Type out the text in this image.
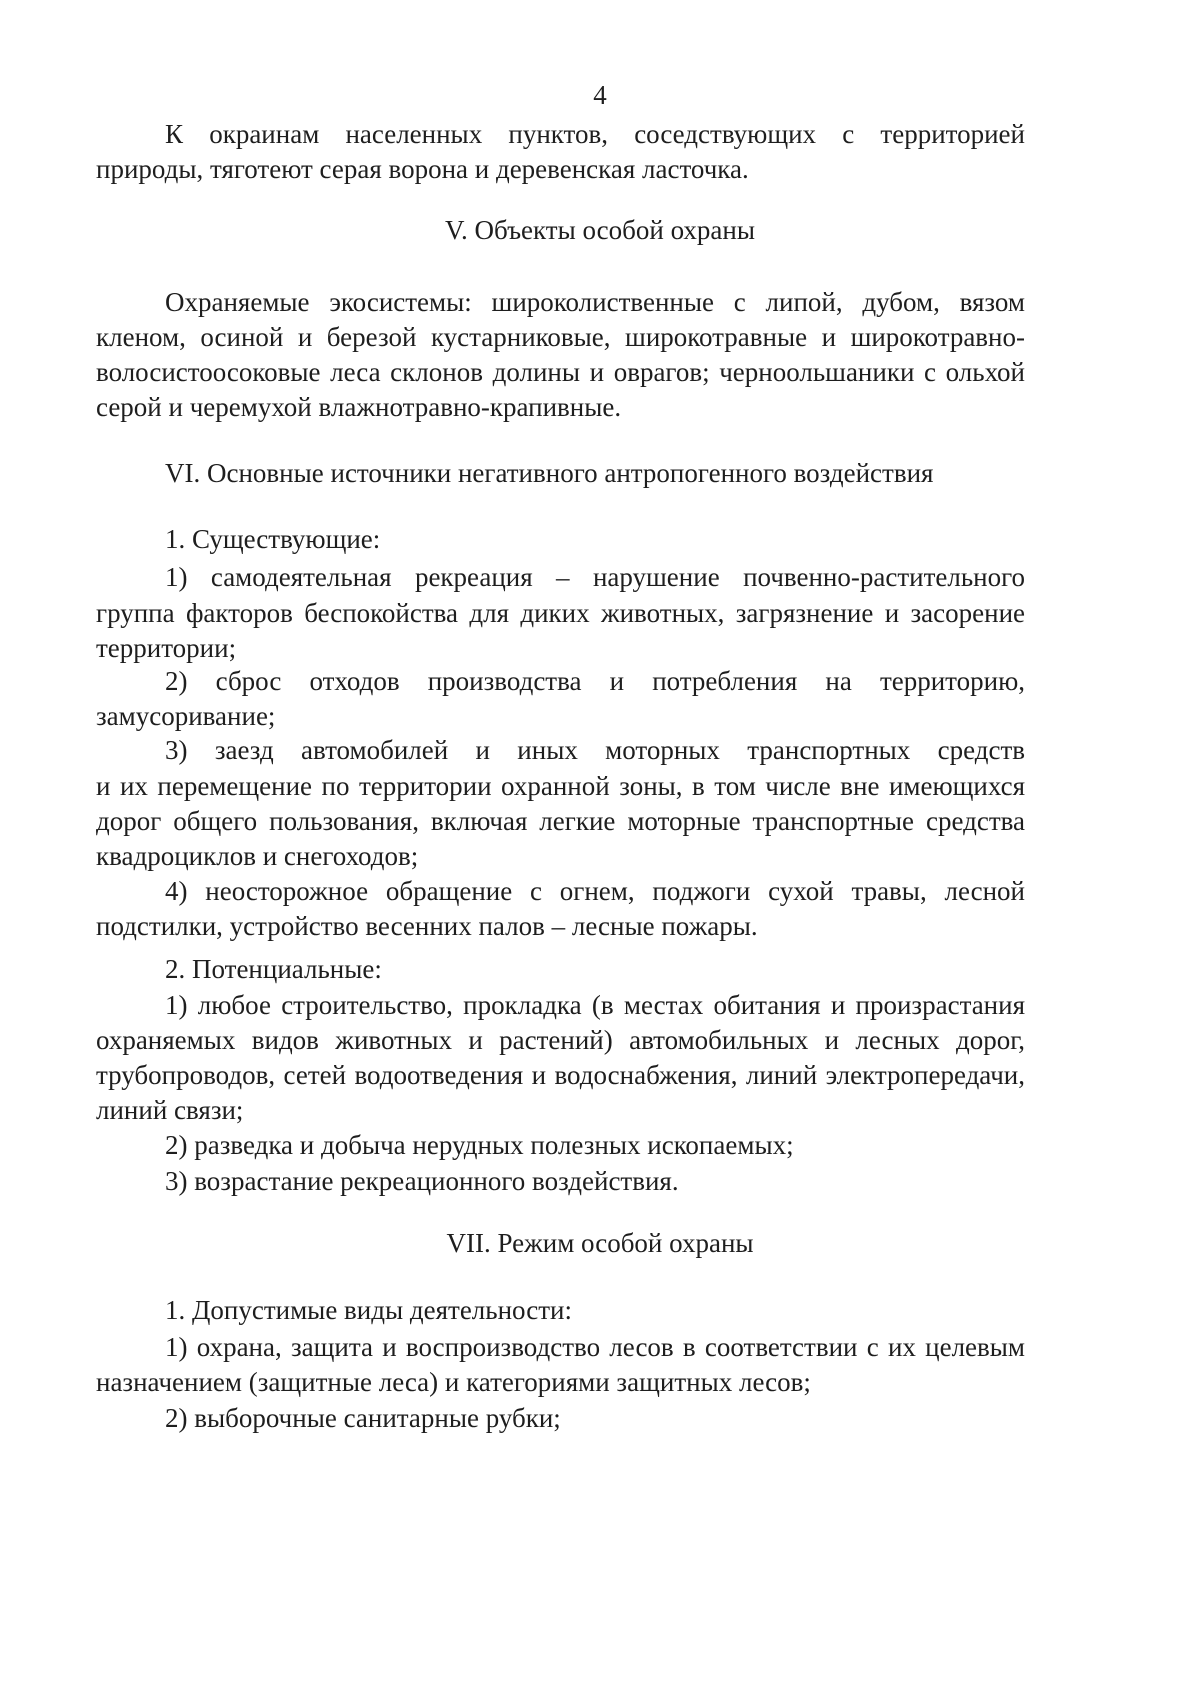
4
К окраинам населенных пунктов, соседствующих с территорией
природы, тяготеют серая ворона и деревенская ласточка.
V. Объекты особой охраны
Охраняемые экосистемы: широколиственные с липой, дубом, вязом
кленом, осиной и березой кустарниковые, широкотравные и широкотравно-
волосистоосоковые леса склонов долины и оврагов; черноольшаники с ольхой
серой и черемухой влажнотравно-крапивные.
VI. Основные источники негативного антропогенного воздействия
1. Существующие:
1) самодеятельная рекреация – нарушение почвенно-растительного
группа факторов беспокойства для диких животных, загрязнение и засорение
территории;
2) сброс отходов производства и потребления на территорию,
замусоривание;
3) заезд автомобилей и иных моторных транспортных средств
и их перемещение по территории охранной зоны, в том числе вне имеющихся
дорог общего пользования, включая легкие моторные транспортные средства
квадроциклов и снегоходов;
4) неосторожное обращение с огнем, поджоги сухой травы, лесной
подстилки, устройство весенних палов – лесные пожары.
2. Потенциальные:
1) любое строительство, прокладка (в местах обитания и произрастания
охраняемых видов животных и растений) автомобильных и лесных дорог,
трубопроводов, сетей водоотведения и водоснабжения, линий электропередачи,
линий связи;
2) разведка и добыча нерудных полезных ископаемых;
3) возрастание рекреационного воздействия.
VII. Режим особой охраны
1. Допустимые виды деятельности:
1) охрана, защита и воспроизводство лесов в соответствии с их целевым
назначением (защитные леса) и категориями защитных лесов;
2) выборочные санитарные рубки;
